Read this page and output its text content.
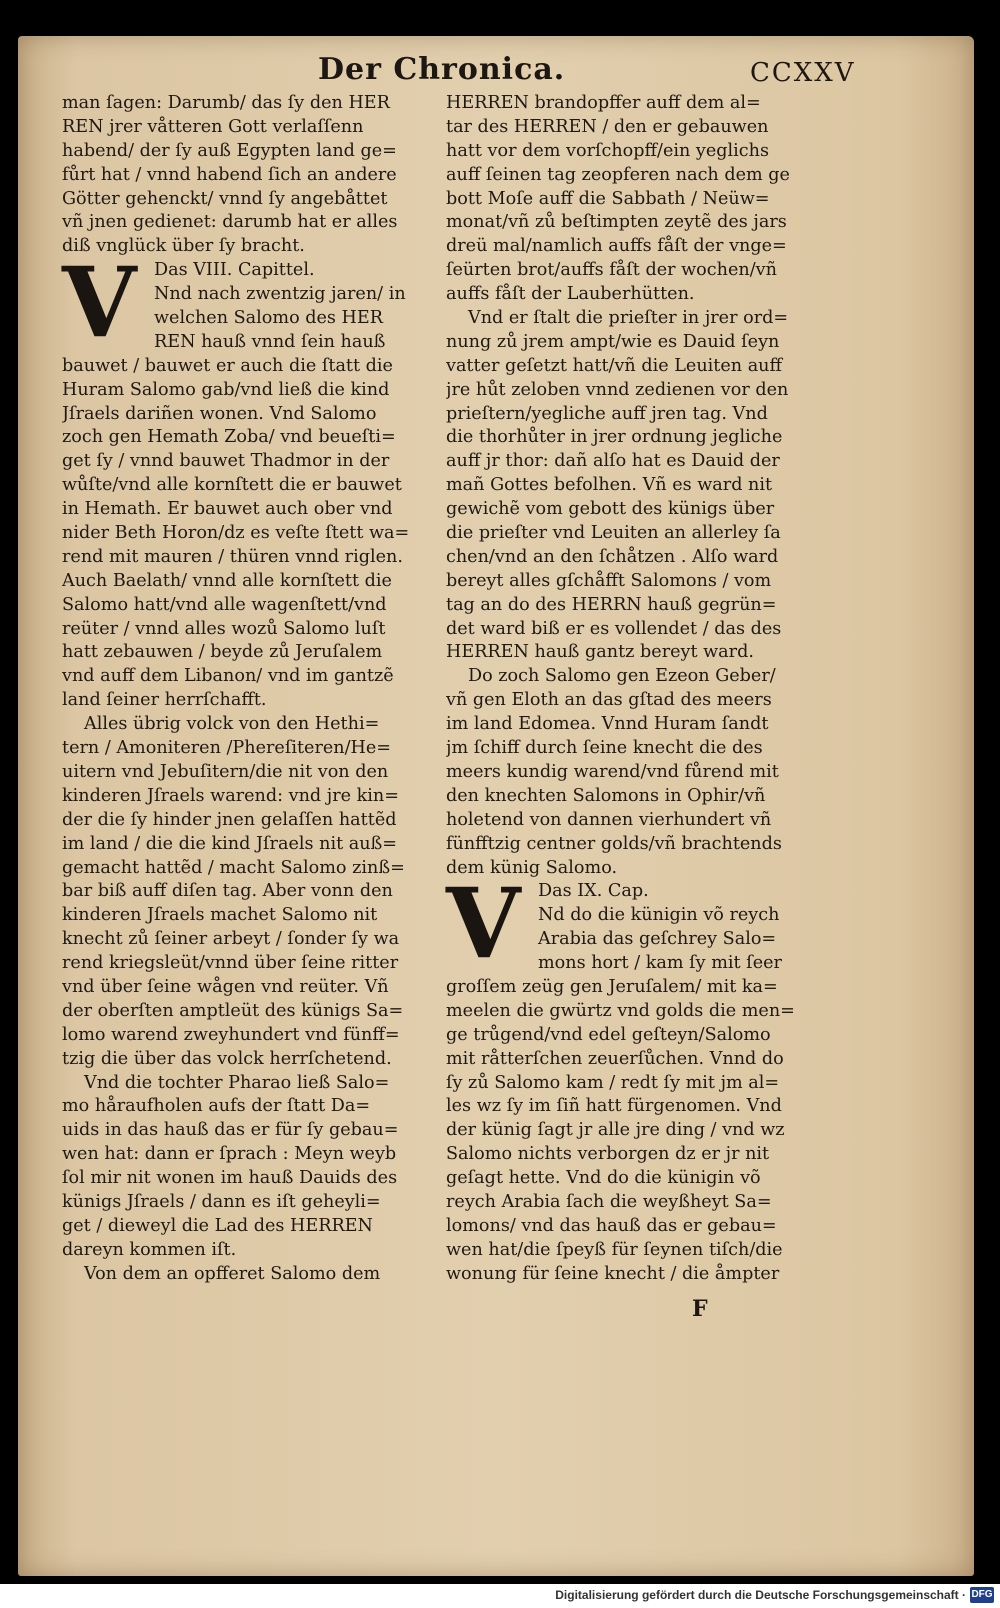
Der Chronica.	CCXXV
man ſagen: Darumb/ das ſy den HER
REN jrer våtteren Gott verlaſſenn
habend/ der ſy auß Egypten land ge=
fůrt hat / vnnd habend ſich an andere
Götter gehenckt/ vnnd ſy angebåttet
vñ jnen gedienet: darumb hat er alles
diß vnglück über ſy bracht.
V Das VIII. Capittel.
Nnd nach zwentzig jaren/ in
welchen Salomo des HER
REN hauß vnnd ſein hauß
bauwet / bauwet er auch die ſtatt die
Huram Salomo gab/vnd ließ die kind
Jſraels dariñen wonen. Vnd Salomo
zoch gen Hemath Zoba/ vnd beueſti=
get ſy / vnnd bauwet Thadmor in der
wůſte/vnd alle kornſtett die er bauwet
in Hemath. Er bauwet auch ober vnd
nider Beth Horon/dz es veſte ſtett wa=
rend mit mauren / thüren vnnd riglen.
Auch Baelath/ vnnd alle kornſtett die
Salomo hatt/vnd alle wagenſtett/vnd
reüter / vnnd alles wozů Salomo luſt
hatt zebauwen / beyde zů Jeruſalem
vnd auff dem Libanon/ vnd im gantzẽ
land ſeiner herrſchafft.
Alles übrig volck von den Hethi=
tern / Amoniteren /Phereſiteren/He=
uitern vnd Jebuſitern/die nit von den
kinderen Jſraels warend: vnd jre kin=
der die ſy hinder jnen gelaſſen hattẽd
im land / die die kind Jſraels nit auß=
gemacht hattẽd / macht Salomo zinß=
bar biß auff diſen tag. Aber vonn den
kinderen Jſraels machet Salomo nit
knecht zů ſeiner arbeyt / ſonder ſy wa
rend kriegsleüt/vnnd über ſeine ritter
vnd über ſeine wågen vnd reüter. Vñ
der oberſten amptleüt des künigs Sa=
lomo warend zweyhundert vnd fünff=
tzig die über das volck herrſchetend.
Vnd die tochter Pharao ließ Salo=
mo håraufholen aufs der ſtatt Da=
uids in das hauß das er für ſy gebau=
wen hat: dann er ſprach : Meyn weyb
ſol mir nit wonen im hauß Dauids des
künigs Jſraels / dann es iſt geheyli=
get / dieweyl die Lad des HERREN
dareyn kommen iſt.
Von dem an opfferet Salomo dem
HERREN brandopffer auff dem al=
tar des HERREN / den er gebauwen
hatt vor dem vorſchopff/ein yeglichs
auff ſeinen tag zeopferen nach dem ge
bott Moſe auff die Sabbath / Neüw=
monat/vñ zů beſtimpten zeytẽ des jars
dreü mal/namlich auffs fåſt der vnge=
ſeürten brot/auffs fåſt der wochen/vñ
auffs fåſt der Lauberhütten.
Vnd er ſtalt die prieſter in jrer ord=
nung zů jrem ampt/wie es Dauid ſeyn
vatter geſetzt hatt/vñ die Leuiten auff
jre hůt zeloben vnnd zedienen vor den
prieſtern/yegliche auff jren tag. Vnd
die thorhůter in jrer ordnung jegliche
auff jr thor: dañ alſo hat es Dauid der
mañ Gottes befolhen. Vñ es ward nit
gewichẽ vom gebott des künigs über
die prieſter vnd Leuiten an allerley ſa
chen/vnd an den ſchåtzen . Alſo ward
bereyt alles gſchåfft Salomons / vom
tag an do des HERRN hauß gegrün=
det ward biß er es vollendet / das des
HERREN hauß gantz bereyt ward.
Do zoch Salomo gen Ezeon Geber/
vñ gen Eloth an das gſtad des meers
im land Edomea. Vnnd Huram ſandt
jm ſchiff durch ſeine knecht die des
meers kundig warend/vnd fůrend mit
den knechten Salomons in Ophir/vñ
holetend von dannen vierhundert vñ
fünfftzig centner golds/vñ brachtends
dem künig Salomo.
V Das IX. Cap.
Nd do die künigin võ reych
Arabia das geſchrey Salo=
mons hort / kam ſy mit ſeer
groſſem zeüg gen Jeruſalem/ mit ka=
meelen die gwürtz vnd golds die men=
ge trůgend/vnd edel geſteyn/Salomo
mit råtterſchen zeuerſůchen. Vnnd do
ſy zů Salomo kam / redt ſy mit jm al=
les wz ſy im ſiñ hatt fürgenomen. Vnd
der künig ſagt jr alle jre ding / vnd wz
Salomo nichts verborgen dz er jr nit
geſagt hette. Vnd do die künigin võ
reych Arabia ſach die weyßheyt Sa=
lomons/ vnd das hauß das er gebau=
wen hat/die ſpeyß für ſeynen tiſch/die
wonung für ſeine knecht / die åmpter
F
Digitalisierung gefördert durch die Deutsche Forschungsgemeinschaft · DFG
